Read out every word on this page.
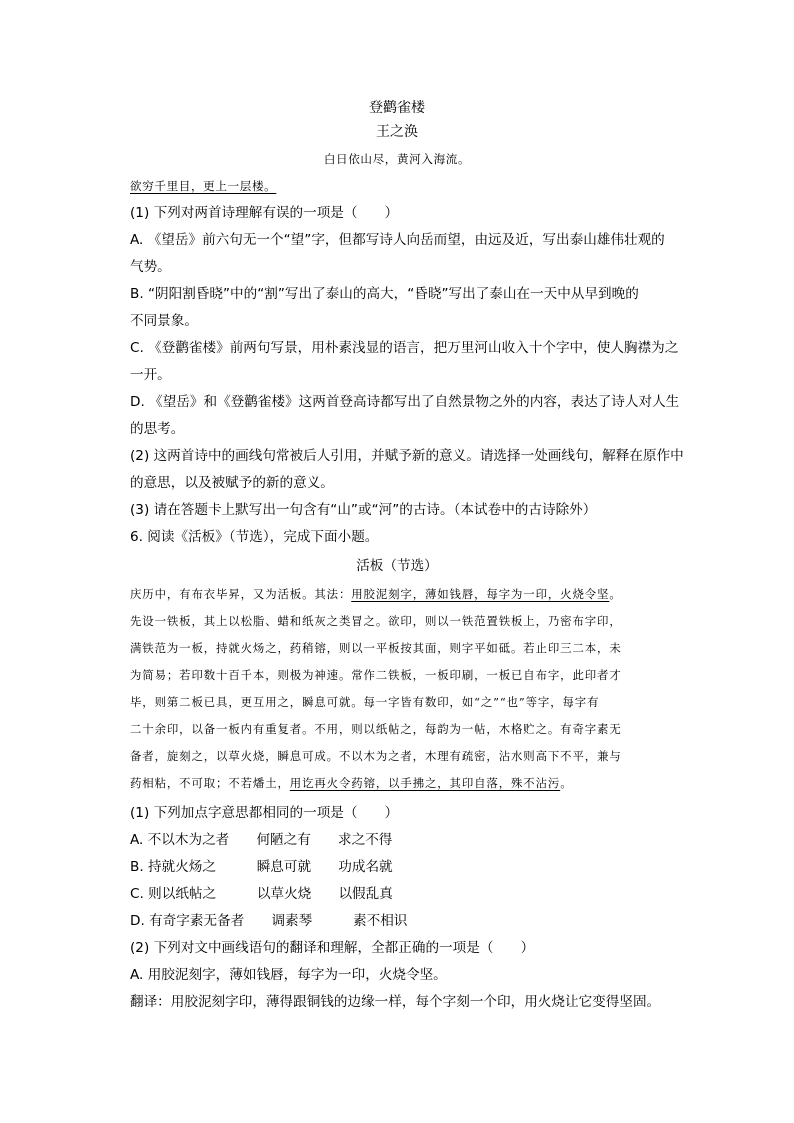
登鹳雀楼
王之涣
白日依山尽，黄河入海流。
欲穷千里目，更上一层楼。
(1) 下列对两首诗理解有误的一项是（　　）
A. 《望岳》前六句无一个“望”字，但都写诗人向岳而望，由远及近，写出泰山雄伟壮观的
气势。
B. “阴阳割昏晓”中的“割”写出了泰山的高大，“昏晓”写出了泰山在一天中从早到晚的
不同景象。
C. 《登鹳雀楼》前两句写景，用朴素浅显的语言，把万里河山收入十个字中，使人胸襟为之
一开。
D. 《望岳》和《登鹳雀楼》这两首登高诗都写出了自然景物之外的内容，表达了诗人对人生
的思考。
(2) 这两首诗中的画线句常被后人引用，并赋予新的意义。请选择一处画线句，解释在原作中
的意思，以及被赋予的新的意义。
(3) 请在答题卡上默写出一句含有“山”或“河”的古诗。（本试卷中的古诗除外）
6. 阅读《活板》（节选），完成下面小题。
活板（节选）
庆历中，有布衣毕昇，又为活板。其法：用胶泥刻字，薄如钱唇，每字为一印，火烧令坚。
先设一铁板，其上以松脂、蜡和纸灰之类冒之。欲印，则以一铁范置铁板上，乃密布字印，
满铁范为一板，持就火炀之，药稍镕，则以一平板按其面，则字平如砥。若止印三二本，未
为简易；若印数十百千本，则极为神速。常作二铁板，一板印刷，一板已自布字，此印者才
毕，则第二板已具，更互用之，瞬息可就。每一字皆有数印，如“之”“也”等字，每字有
二十余印，以备一板内有重复者。不用，则以纸帖之，每韵为一帖，木格贮之。有奇字素无
备者，旋刻之，以草火烧，瞬息可成。不以木为之者，木理有疏密，沾水则高下不平，兼与
药相粘，不可取；不若燔土，用讫再火令药镕，以手拂之，其印自落，殊不沾污。
(1) 下列加点字意思都相同的一项是（　　）
A. 不以木为之者　　何陋之有　　求之不得
B. 持就火炀之　　　瞬息可就　　功成名就
C. 则以纸帖之　　　以草火烧　　以假乱真
D. 有奇字素无备者　　调素琴　　　素不相识
(2) 下列对文中画线语句的翻译和理解，全都正确的一项是（　　）
A. 用胶泥刻字，薄如钱唇，每字为一印，火烧令坚。
翻译：用胶泥刻字印，薄得跟铜钱的边缘一样，每个字刻一个印，用火烧让它变得坚固。
